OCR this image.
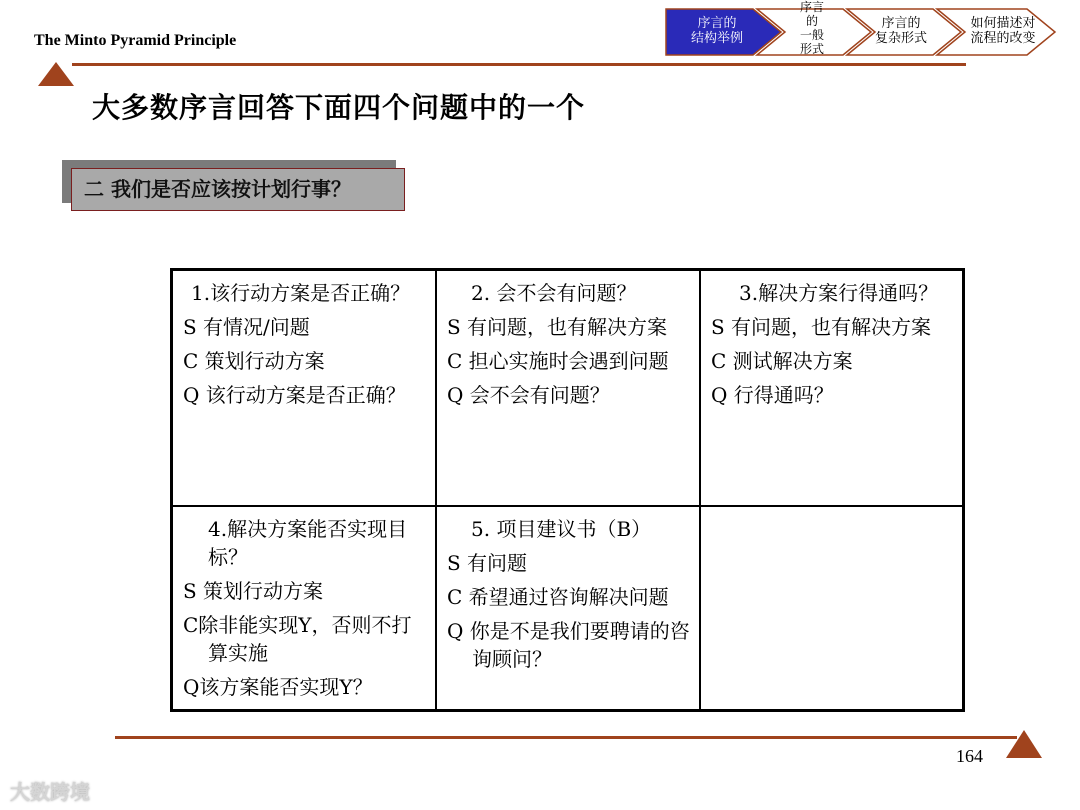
The Minto Pyramid Principle
序言的
结构举例
序言
的
一般
形式
序言的
复杂形式
如何描述对
流程的改变
大多数序言回答下面四个问题中的一个
二 我们是否应该按计划行事？

1.该行动方案是否正确？

S 有情况/问题

C 策划行动方案

Q 该行动方案是否正确？

2. 会不会有问题？

S 有问题，也有解决方案

C 担心实施时会遇到问题

Q 会不会有问题？

3.解决方案行得通吗？

S 有问题，也有解决方案

C 测试解决方案

Q 行得通吗？

4.解决方案能否实现目标？

S 策划行动方案

C除非能实现Y，否则不打算实施

Q该方案能否实现Y？

5. 项目建议书（B）

S 有问题

C 希望通过咨询解决问题

Q 你是不是我们要聘请的咨询顾问？

164
大数跨境
